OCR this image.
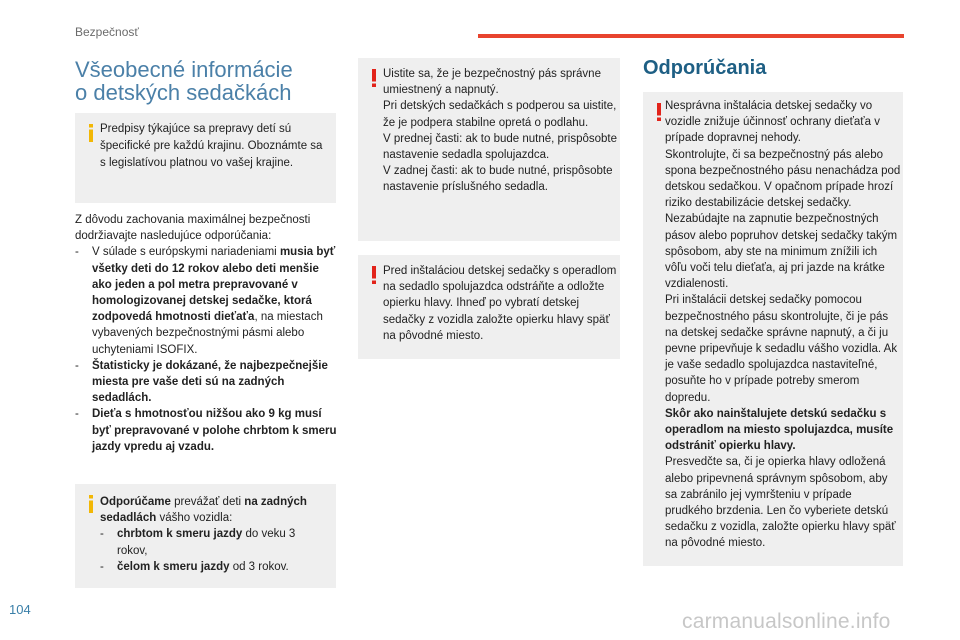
Bezpečnosť
Všeobecné informácie
o detských sedačkách

Predpisy týkajúce sa prepravy detí sú špecifické pre každú krajinu. Oboznámte sa s legislatívou platnou vo vašej krajine.

Z dôvodu zachovania maximálnej bezpečnosti dodržiavajte nasledujúce odporúčania:

- V súlade s európskymi nariadeniami musia byť všetky deti do 12 rokov alebo deti menšie ako jeden a pol metra prepravované v homologizovanej detskej sedačke, ktorá zodpovedá hmotnosti dieťaťa, na miestach vybavených bezpečnostnými pásmi alebo uchyteniami ISOFIX.
- Štatisticky je dokázané, že najbezpečnejšie miesta pre vaše deti sú na zadných sedadlách.
- Dieťa s hmotnosťou nižšou ako 9 kg musí byť prepravované v polohe chrbtom k smeru jazdy vpredu aj vzadu.

Odporúčame prevážať deti na zadných sedadlách vášho vozidla:

- chrbtom k smeru jazdy do veku 3 rokov,
- čelom k smeru jazdy od 3 rokov.

Uistite sa, že je bezpečnostný pás správne umiestnený a napnutý.
Pri detských sedačkách s podperou sa uistite, že je podpera stabilne opretá o podlahu.
V prednej časti: ak to bude nutné, prispôsobte nastavenie sedadla spolujazdca.
V zadnej časti: ak to bude nutné, prispôsobte nastavenie príslušného sedadla.

Pred inštaláciou detskej sedačky s operadlom na sedadlo spolujazdca odstráňte a odložte opierku hlavy. Ihneď po vybratí detskej sedačky z vozidla založte opierku hlavy späť na pôvodné miesto.

Odporúčania

Nesprávna inštalácia detskej sedačky vo vozidle znižuje účinnosť ochrany dieťaťa v prípade dopravnej nehody.
Skontrolujte, či sa bezpečnostný pás alebo spona bezpečnostného pásu nenachádza pod detskou sedačkou. V opačnom prípade hrozí riziko destabilizácie detskej sedačky.
Nezabúdajte na zapnutie bezpečnostných pásov alebo popruhov detskej sedačky takým spôsobom, aby ste na minimum znížili ich vôľu voči telu dieťaťa, aj pri jazde na krátke vzdialenosti.
Pri inštalácii detskej sedačky pomocou bezpečnostného pásu skontrolujte, či je pás na detskej sedačke správne napnutý, a či ju pevne pripevňuje k sedadlu vášho vozidla. Ak je vaše sedadlo spolujazdca nastaviteľné, posuňte ho v prípade potreby smerom dopredu.

Skôr ako nainštalujete detskú sedačku s operadlom na miesto spolujazdca, musíte odstrániť opierku hlavy.

Presvedčte sa, či je opierka hlavy odložená alebo pripevnená správnym spôsobom, aby sa zabránilo jej vymršteniu v prípade prudkého brzdenia. Len čo vyberiete detskú sedačku z vozidla, založte opierku hlavy späť na pôvodné miesto.

104
carmanualsonline.info
